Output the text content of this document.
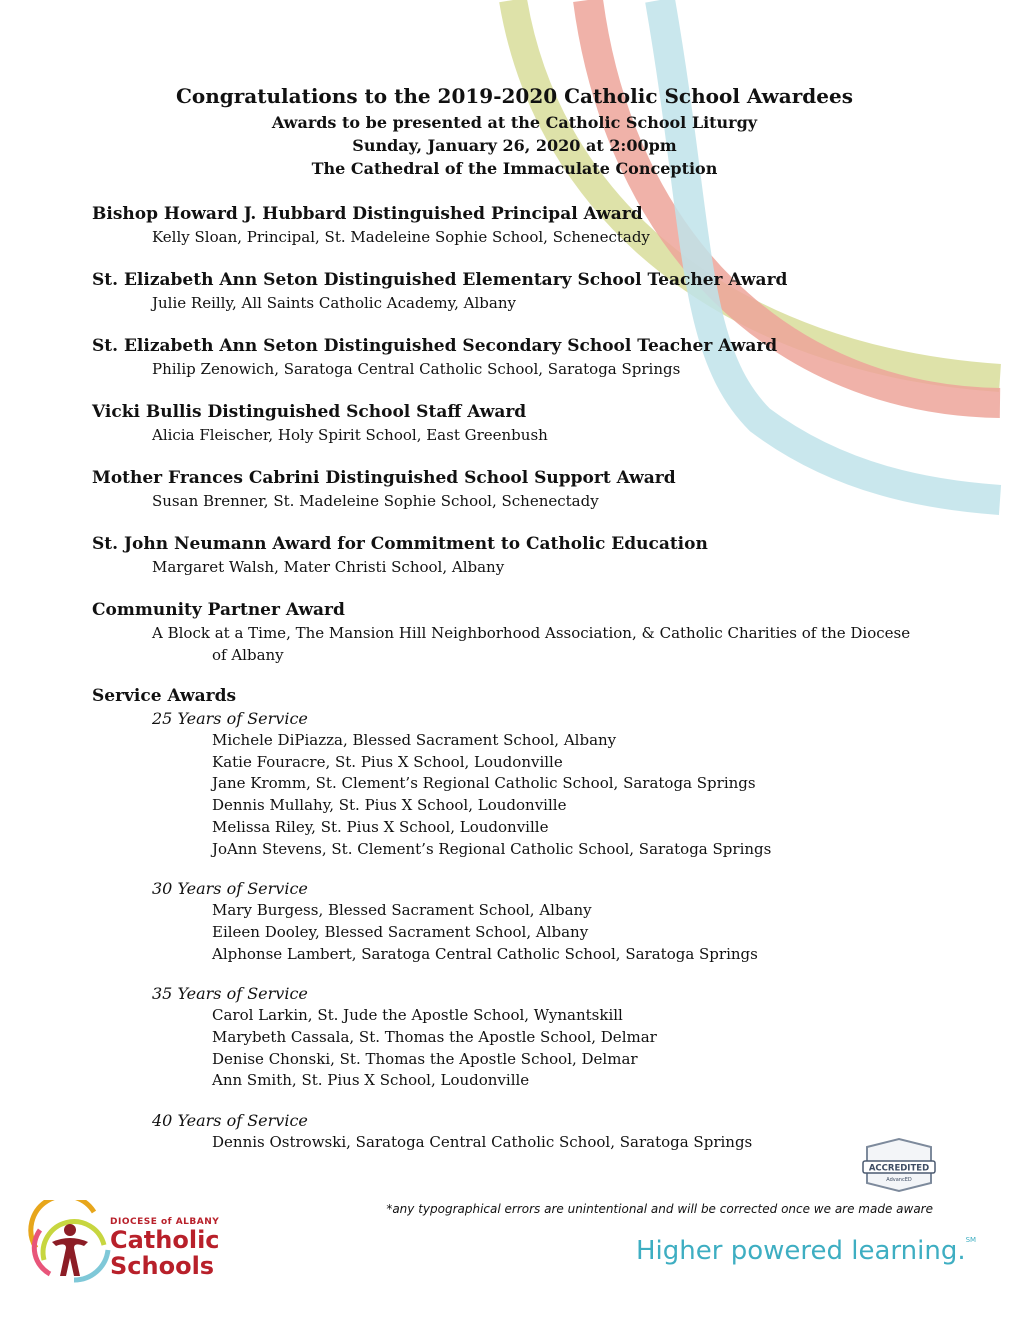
Congratulations to the 2019-2020 Catholic School Awardees
Awards to be presented at the Catholic School Liturgy
Sunday, January 26, 2020 at 2:00pm
The Cathedral of the Immaculate Conception
Bishop Howard J. Hubbard Distinguished Principal Award
Kelly Sloan, Principal, St. Madeleine Sophie School, Schenectady
St. Elizabeth Ann Seton Distinguished Elementary School Teacher Award
Julie Reilly, All Saints Catholic Academy, Albany
St. Elizabeth Ann Seton Distinguished Secondary School Teacher Award
Philip Zenowich, Saratoga Central Catholic School, Saratoga Springs
Vicki Bullis Distinguished School Staff Award
Alicia Fleischer, Holy Spirit School, East Greenbush
Mother Frances Cabrini Distinguished School Support Award
Susan Brenner, St. Madeleine Sophie School, Schenectady
St. John Neumann Award for Commitment to Catholic Education
Margaret Walsh, Mater Christi School, Albany
Community Partner Award
A Block at a Time, The Mansion Hill Neighborhood Association, & Catholic Charities of the Diocese
of Albany
Service Awards
25 Years of Service
Michele DiPiazza, Blessed Sacrament School, Albany
Katie Fouracre, St. Pius X School, Loudonville
Jane Kromm, St. Clement’s Regional Catholic School, Saratoga Springs
Dennis Mullahy, St. Pius X School, Loudonville
Melissa Riley, St. Pius X School, Loudonville
JoAnn Stevens, St. Clement’s Regional Catholic School, Saratoga Springs
30 Years of Service
Mary Burgess, Blessed Sacrament School, Albany
Eileen Dooley, Blessed Sacrament School, Albany
Alphonse Lambert, Saratoga Central Catholic School, Saratoga Springs
35 Years of Service
Carol Larkin, St. Jude the Apostle School, Wynantskill
Marybeth Cassala, St. Thomas the Apostle School, Delmar
Denise Chonski, St. Thomas the Apostle School, Delmar
Ann Smith, St. Pius X School, Loudonville
40 Years of Service
Dennis Ostrowski, Saratoga Central Catholic School, Saratoga Springs
ACCREDITED
AdvancED
*any typographical errors are unintentional and will be corrected once we are made aware
DIOCESE of ALBANY
Catholic
Schools	Higher powered learning.℠
